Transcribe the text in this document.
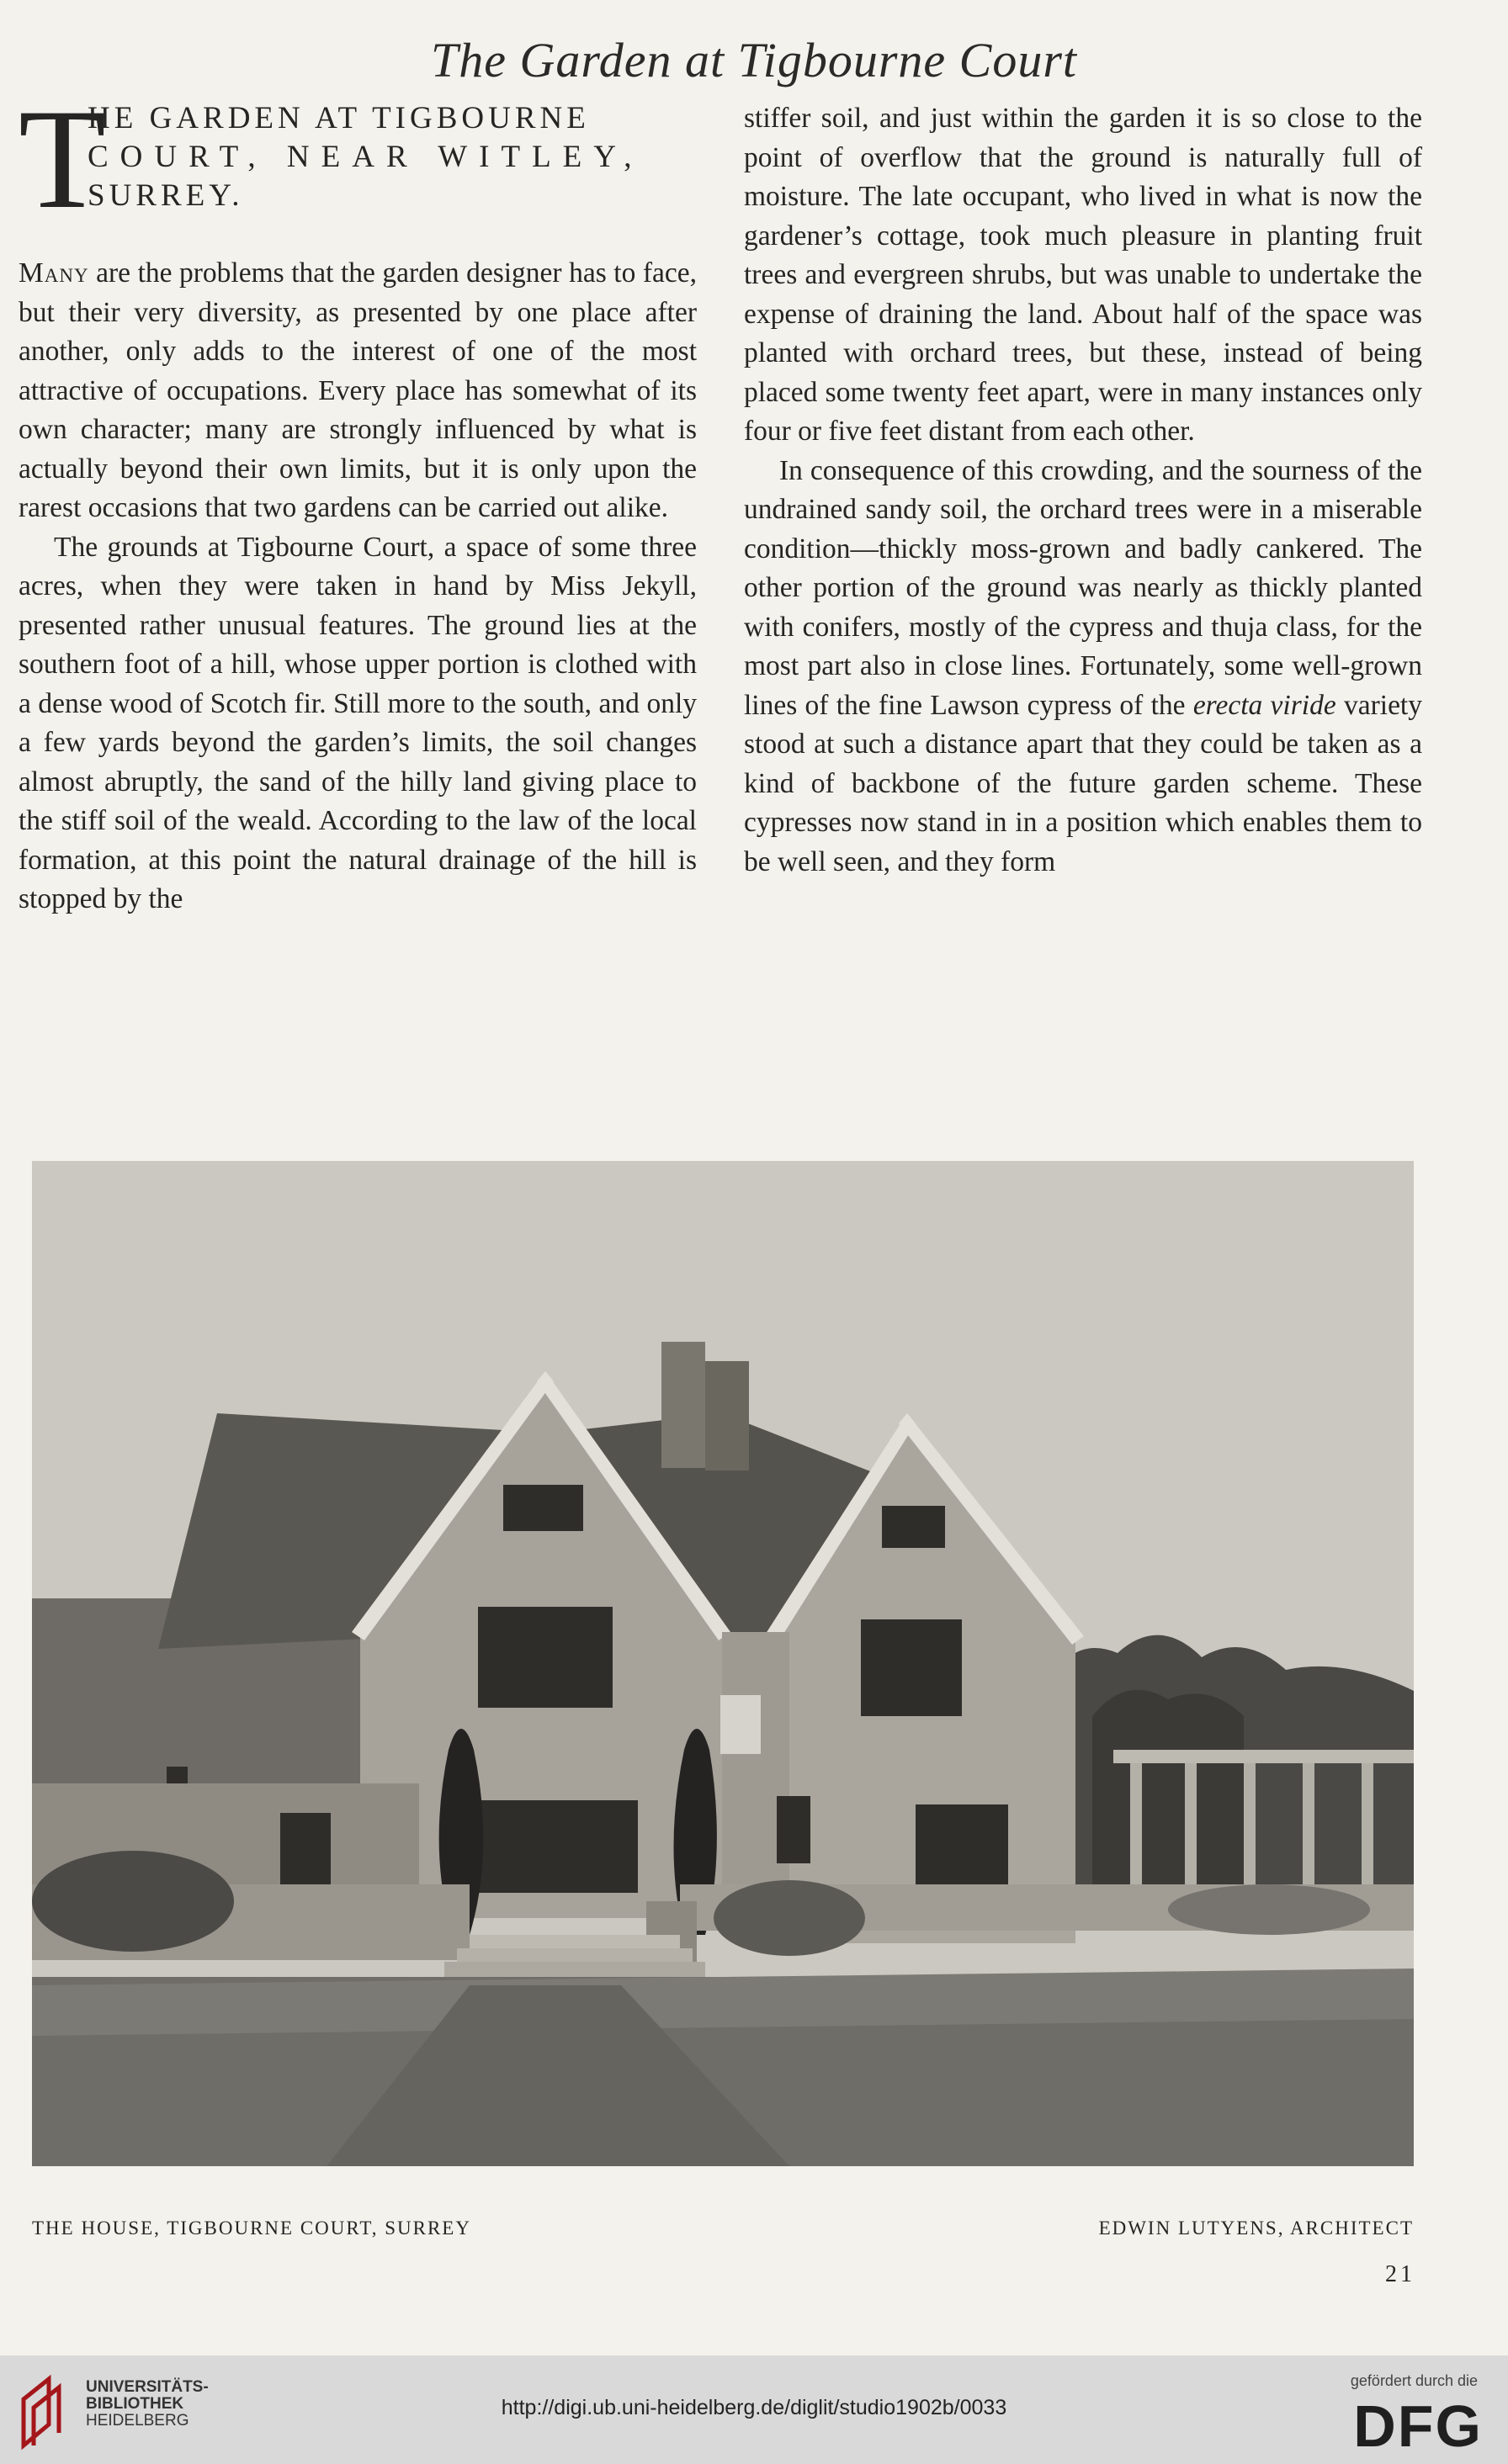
The Garden at Tigbourne Court
T
HE GARDEN AT TIGBOURNE
COURT, NEAR WITLEY,
SURREY.

Many are the problems that the garden designer has to face, but their very diversity, as presented by one place after another, only adds to the interest of one of the most attractive of occupations. Every place has somewhat of its own character; many are strongly influenced by what is actually beyond their own limits, but it is only upon the rarest occasions that two gardens can be carried out alike.

The grounds at Tigbourne Court, a space of some three acres, when they were taken in hand by Miss Jekyll, presented rather unusual features. The ground lies at the southern foot of a hill, whose upper portion is clothed with a dense wood of Scotch fir. Still more to the south, and only a few yards beyond the garden’s limits, the soil changes almost abruptly, the sand of the hilly land giving place to the stiff soil of the weald. According to the law of the local formation, at this point the natural drainage of the hill is stopped by the

stiffer soil, and just within the garden it is so close to the point of overflow that the ground is naturally full of moisture. The late occupant, who lived in what is now the gardener’s cottage, took much pleasure in planting fruit trees and evergreen shrubs, but was unable to undertake the expense of draining the land. About half of the space was planted with orchard trees, but these, instead of being placed some twenty feet apart, were in many instances only four or five feet distant from each other.

In consequence of this crowding, and the sourness of the undrained sandy soil, the orchard trees were in a miserable condition—thickly moss-grown and badly cankered. The other portion of the ground was nearly as thickly planted with conifers, mostly of the cypress and thuja class, for the most part also in close lines. Fortunately, some well-grown lines of the fine Lawson cypress of the erecta viride variety stood at such a distance apart that they could be taken as a kind of backbone of the future garden scheme. These cypresses now stand in in a position which enables them to be well seen, and they form

THE HOUSE, TIGBOURNE COURT, SURREY	EDWIN LUTYENS, ARCHITECT
21
UNIVERSITÄTS-
BIBLIOTHEK
HEIDELBERG
http://digi.ub.uni-heidelberg.de/diglit/studio1902b/0033
gefördert durch die
DFG
